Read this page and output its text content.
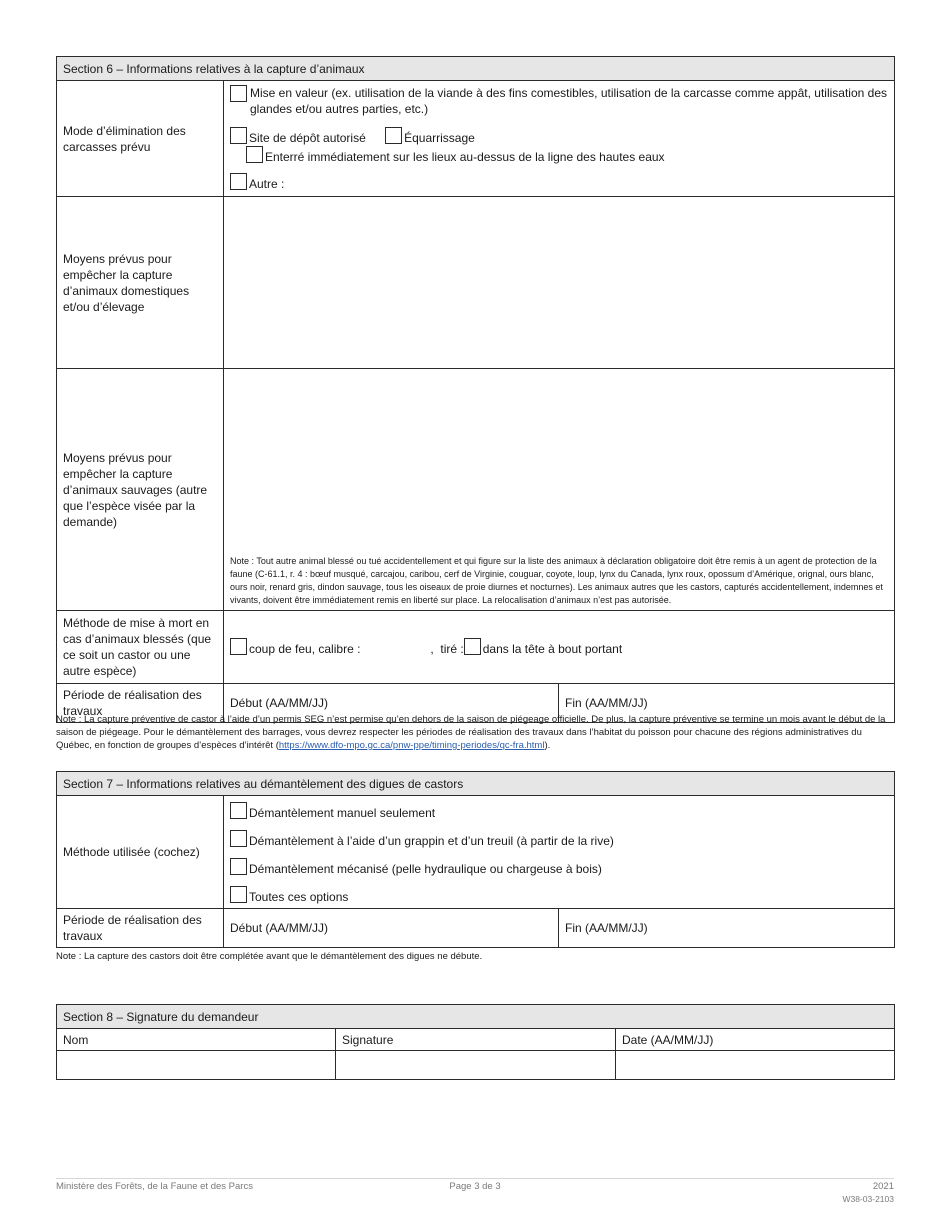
Section 6 – Informations relatives à la capture d’animaux		
Mode d’élimination des carcasses prévu	Mise en valeur (ex. utilisation de la viande à des fins comestibles, utilisation de la carcasse comme appât, utilisation des glandes et/ou autres parties, etc.)
Site de dépôt autorisé Équarrissage Enterré immédiatement sur les lieux au-dessus de la ligne des hautes eaux
Autre :	

Moyens prévus pour empêcher la capture d’animaux domestiques et/ou d’élevage		
Moyens prévus pour empêcher la capture d’animaux sauvages (autre que l’espèce visée par la demande)	Note : Tout autre animal blessé ou tué accidentellement et qui figure sur la liste des animaux à déclaration obligatoire doit être remis à un agent de protection de la faune (C-61.1, r. 4 : bœuf musqué, carcajou, caribou, cerf de Virginie, couguar, coyote, loup, lynx du Canada, lynx roux, opossum d’Amérique, orignal, ours blanc, ours noir, renard gris, dindon sauvage, tous les oiseaux de proie diurnes et nocturnes). Les animaux autres que les castors, capturés accidentellement, indemnes et vivants, doivent être immédiatement remis en liberté sur place. La relocalisation d’animaux n’est pas autorisée.	

Méthode de mise à mort en cas d’animaux blessés (que ce soit un castor ou une autre espèce)	coup de feu, calibre : ,  tiré : dans la tête à bout portant	
Période de réalisation des travaux	Début (AA/MM/JJ)	Fin (AA/MM/JJ)
Note : La capture préventive de castor à l’aide d’un permis SEG n’est permise qu’en dehors de la saison de piégeage officielle. De plus, la capture préventive se termine un mois avant le début de la saison de piégeage. Pour le démantèlement des barrages, vous devrez respecter les périodes de réalisation des travaux dans l’habitat du poisson pour chacune des régions administratives du Québec, en fonction de groupes d’espèces d’intérêt (https://www.dfo-mpo.gc.ca/pnw-ppe/timing-periodes/qc-fra.html).
Section 7 – Informations relatives au démantèlement des digues de castors		
Méthode utilisée (cochez)	Démantèlement manuel seulement
Démantèlement à l’aide d’un grappin et d’un treuil (à partir de la rive)
Démantèlement mécanisé (pelle hydraulique ou chargeuse à bois)
Toutes ces options	

Période de réalisation des travaux	Début (AA/MM/JJ)	Fin (AA/MM/JJ)
Note : La capture des castors doit être complétée avant que le démantèlement des digues ne débute.
Section 8 – Signature du demandeur		
Nom	Signature	Date (AA/MM/JJ)

Ministère des Forêts, de la Faune et des Parcs	Page 3 de 3	2021
W38-03-2103
